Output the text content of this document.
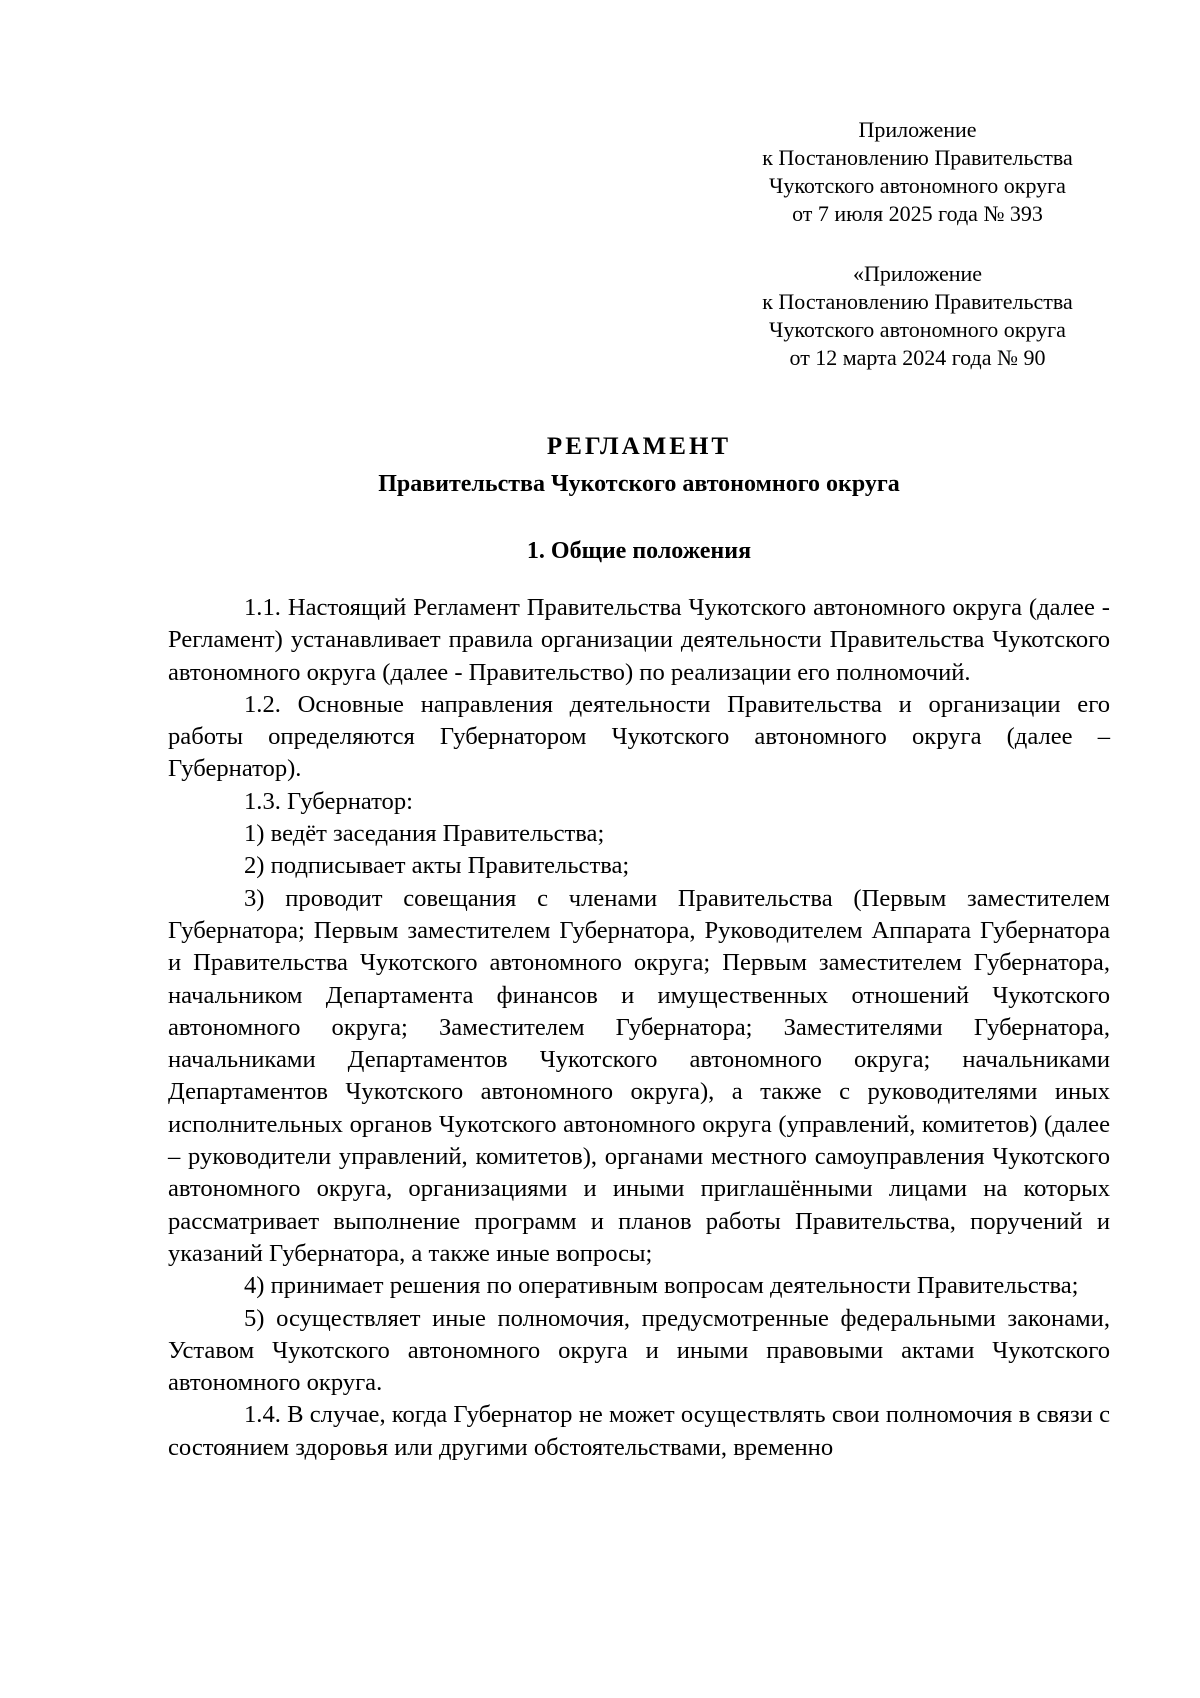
Приложение
к Постановлению Правительства
Чукотского автономного округа
от 7 июля 2025 года № 393
«Приложение
к Постановлению Правительства
Чукотского автономного округа
от 12 марта 2024 года № 90
РЕГЛАМЕНТ
Правительства Чукотского автономного округа
1. Общие положения

1.1. Настоящий Регламент Правительства Чукотского автономного округа (далее - Регламент) устанавливает правила организации деятельности Правительства Чукотского автономного округа (далее - Правительство) по реализации его полномочий.

1.2. Основные направления деятельности Правительства и организации его работы определяются Губернатором Чукотского автономного округа (далее – Губернатор).

1.3. Губернатор:

1) ведёт заседания Правительства;

2) подписывает акты Правительства;

3) проводит совещания с членами Правительства (Первым заместителем Губернатора; Первым заместителем Губернатора, Руководителем Аппарата Губернатора и Правительства Чукотского автономного округа; Первым заместителем Губернатора, начальником Департамента финансов и имущественных отношений Чукотского автономного округа; Заместителем Губернатора; Заместителями Губернатора, начальниками Департаментов Чукотского автономного округа; начальниками Департаментов Чукотского автономного округа), а также с руководителями иных исполнительных органов Чукотского автономного округа (управлений, комитетов) (далее – руководители управлений, комитетов), органами местного самоуправления Чукотского автономного округа, организациями и иными приглашёнными лицами на которых рассматривает выполнение программ и планов работы Правительства, поручений и указаний Губернатора, а также иные вопросы;

4) принимает решения по оперативным вопросам деятельности Правительства;

5) осуществляет иные полномочия, предусмотренные федеральными законами, Уставом Чукотского автономного округа и иными правовыми актами Чукотского автономного округа.

1.4. В случае, когда Губернатор не может осуществлять свои полномочия в связи с состоянием здоровья или другими обстоятельствами, временно
